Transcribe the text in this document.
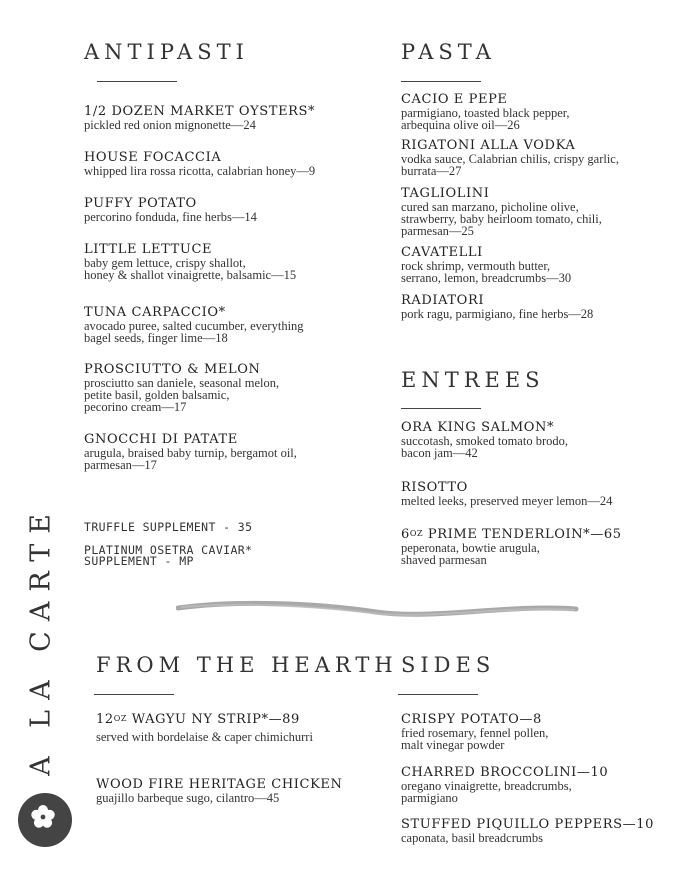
ANTIPASTI
1/2 DOZEN MARKET OYSTERS*
pickled red onion mignonette—24
HOUSE FOCACCIA
whipped lira rossa ricotta, calabrian honey—9
PUFFY POTATO
percorino fonduda, fine herbs—14
LITTLE LETTUCE
baby gem lettuce, crispy shallot,
honey & shallot vinaigrette, balsamic—15
TUNA CARPACCIO*
avocado puree, salted cucumber, everything
bagel seeds, finger lime—18
PROSCIUTTO & MELON
prosciutto san daniele, seasonal melon,
petite basil, golden balsamic,
pecorino cream—17
GNOCCHI DI PATATE
arugula, braised baby turnip, bergamot oil,
parmesan—17
TRUFFLE SUPPLEMENT - 35
PLATINUM OSETRA CAVIAR*
SUPPLEMENT - MP
PASTA
CACIO E PEPE
parmigiano, toasted black pepper,
arbequina olive oil—26
RIGATONI ALLA VODKA
vodka sauce, Calabrian chilis, crispy garlic,
burrata—27
TAGLIOLINI
cured san marzano, picholine olive,
strawberry, baby heirloom tomato, chili,
parmesan—25
CAVATELLI
rock shrimp, vermouth butter,
serrano, lemon, breadcrumbs—30
RADIATORI
pork ragu, parmigiano, fine herbs—28
ENTREES
ORA KING SALMON*
succotash, smoked tomato brodo,
bacon jam—42
RISOTTO
melted leeks, preserved meyer lemon—24
$6^{OZ}$ PRIME TENDERLOIN*—65
peperonata, bowtie arugula,
shaved parmesan
FROM THE HEARTH
$12^{OZ}$ WAGYU NY STRIP*—89
served with bordelaise & caper chimichurri
WOOD FIRE HERITAGE CHICKEN
guajillo barbeque sugo, cilantro—45
SIDES
CRISPY POTATO—8
fried rosemary, fennel pollen,
malt vinegar powder
CHARRED BROCCOLINI—10
oregano vinaigrette, breadcrumbs,
parmigiano
STUFFED PIQUILLO PEPPERS—10
caponata, basil breadcrumbs
A LA CARTE
